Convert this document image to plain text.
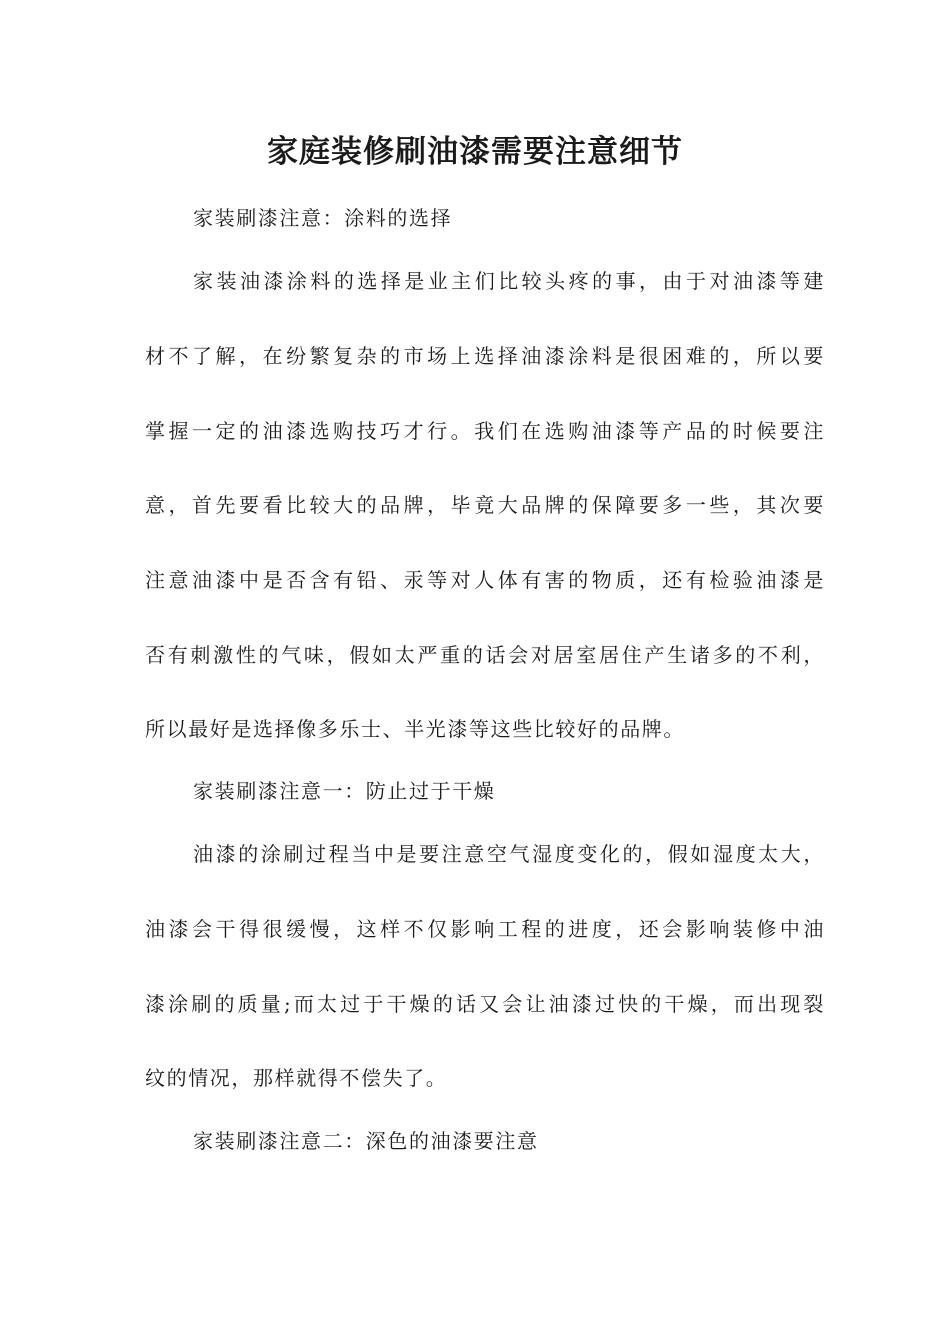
家庭装修刷油漆需要注意细节
家装刷漆注意：涂料的选择
家装油漆涂料的选择是业主们比较头疼的事，由于对油漆等建
材不了解，在纷繁复杂的市场上选择油漆涂料是很困难的，所以要
掌握一定的油漆选购技巧才行。我们在选购油漆等产品的时候要注
意，首先要看比较大的品牌，毕竟大品牌的保障要多一些，其次要
注意油漆中是否含有铅、汞等对人体有害的物质，还有检验油漆是
否有刺激性的气味，假如太严重的话会对居室居住产生诸多的不利，
所以最好是选择像多乐士、半光漆等这些比较好的品牌。
家装刷漆注意一：防止过于干燥
油漆的涂刷过程当中是要注意空气湿度变化的，假如湿度太大，
油漆会干得很缓慢，这样不仅影响工程的进度，还会影响装修中油
漆涂刷的质量;而太过于干燥的话又会让油漆过快的干燥，而出现裂
纹的情况，那样就得不偿失了。
家装刷漆注意二：深色的油漆要注意
